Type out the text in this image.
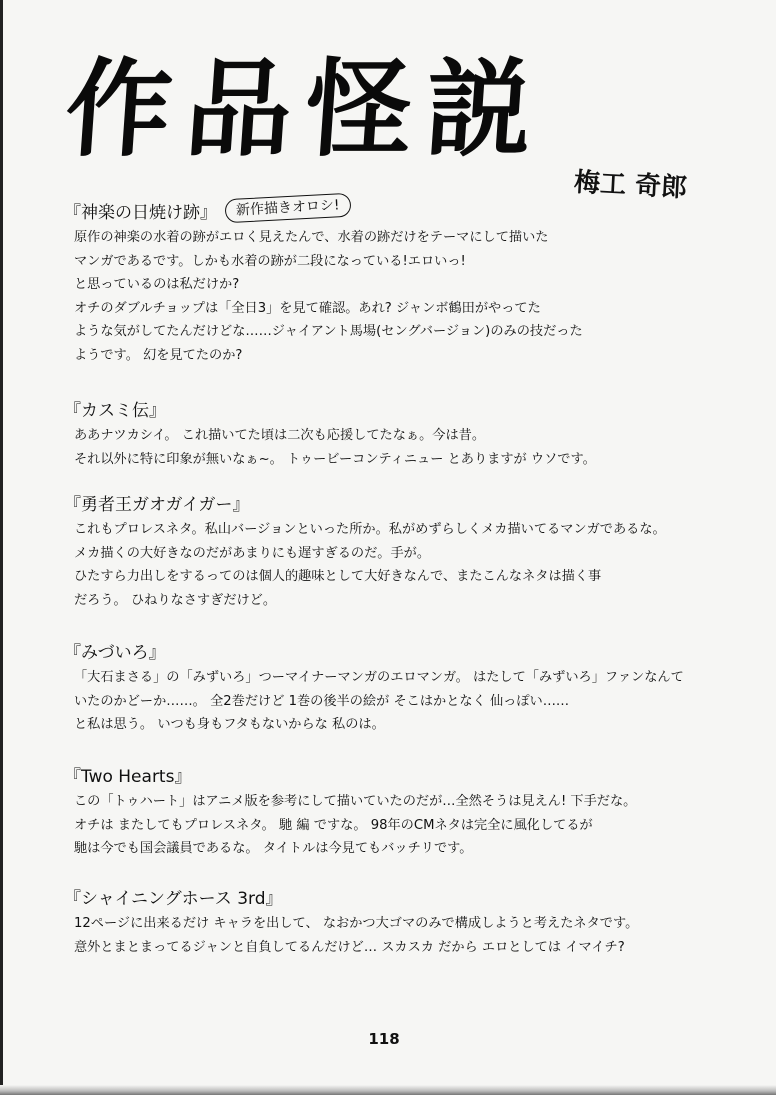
作品怪説
梅工 奇郎
『神楽の日焼け跡』 新作描きオロシ!
原作の神楽の水着の跡がエロく見えたんで、水着の跡だけをテーマにして描いた
マンガであるです。しかも水着の跡が二段になっている!エロいっ!
と思っているのは私だけか?
オチのダブルチョップは「全日3」を見て確認。あれ? ジャンボ鶴田がやってた
ような気がしてたんだけどな……ジャイアント馬場(セングバージョン)のみの技だった
ようです。 幻を見てたのか?
『カスミ伝』
ああナツカシイ。 これ描いてた頃は二次も応援してたなぁ。今は昔。
それ以外に特に印象が無いなぁ~。 トゥービーコンティニュー とありますが ウソです。
『勇者王ガオガイガー』
これもプロレスネタ。私山バージョンといった所か。私がめずらしくメカ描いてるマンガであるな。
メカ描くの大好きなのだがあまりにも遅すぎるのだ。手が。
ひたすら力出しをするってのは個人的趣味として大好きなんで、またこんなネタは描く事
だろう。 ひねりなさすぎだけど。
『みづいろ』
「大石まさる」の「みずいろ」つーマイナーマンガのエロマンガ。 はたして「みずいろ」ファンなんて
いたのかどーか……。 全2巻だけど 1巻の後半の絵が そこはかとなく 仙っぽい……
と私は思う。 いつも身もフタもないからな 私のは。
『Two Hearts』
この「トゥハート」はアニメ版を参考にして描いていたのだが…全然そうは見えん! 下手だな。
オチは またしてもプロレスネタ。 馳 編 ですな。 98年のCMネタは完全に風化してるが
馳は今でも国会議員であるな。 タイトルは今見てもバッチリです。
『シャイニングホース 3rd』
12ページに出来るだけ キャラを出して、 なおかつ大ゴマのみで構成しようと考えたネタです。
意外とまとまってるジャンと自負してるんだけど… スカスカ だから エロとしては イマイチ?
118
